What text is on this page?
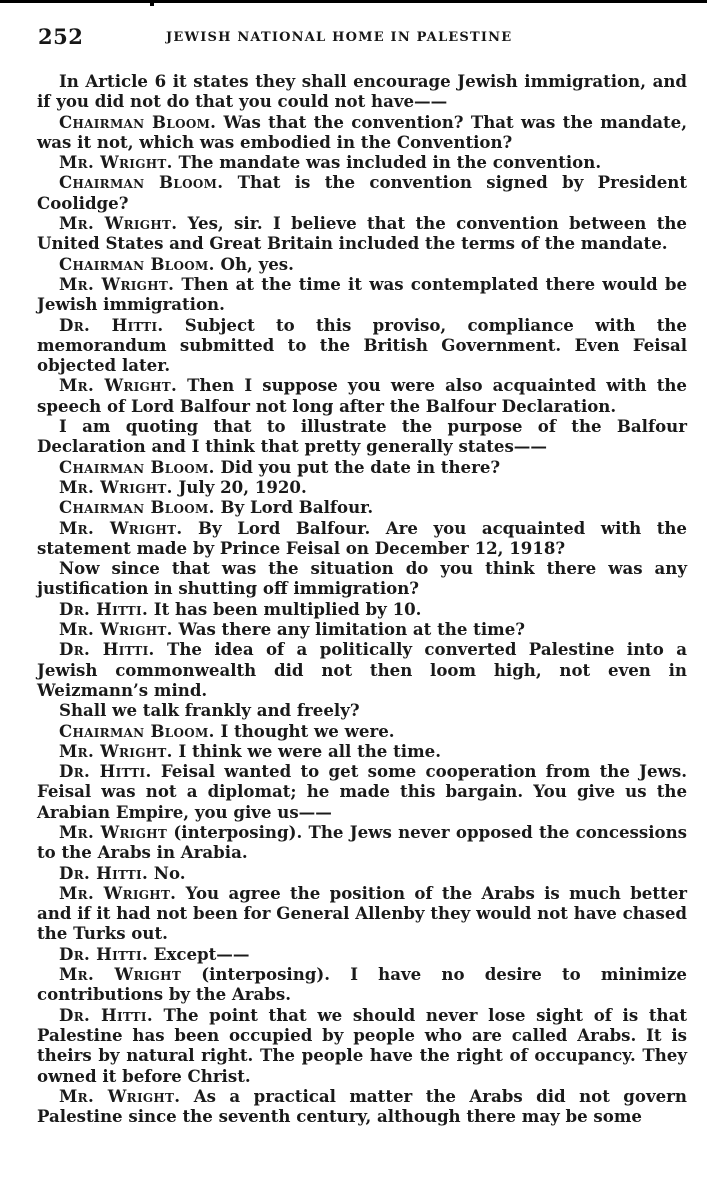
252	JEWISH NATIONAL HOME IN PALESTINE

In Article 6 it states they shall encourage Jewish immigration, and if you did not do that you could not have——

Chairman Bloom. Was that the convention? That was the mandate, was it not, which was embodied in the Convention?

Mr. Wright. The mandate was included in the convention.

Chairman Bloom. That is the convention signed by President Coolidge?

Mr. Wright. Yes, sir. I believe that the convention between the United States and Great Britain included the terms of the mandate.

Chairman Bloom. Oh, yes.

Mr. Wright. Then at the time it was contemplated there would be Jewish immigration.

Dr. Hitti. Subject to this proviso, compliance with the memorandum submitted to the British Government. Even Feisal objected later.

Mr. Wright. Then I suppose you were also acquainted with the speech of Lord Balfour not long after the Balfour Declaration.

I am quoting that to illustrate the purpose of the Balfour Declaration and I think that pretty generally states——

Chairman Bloom. Did you put the date in there?

Mr. Wright. July 20, 1920.

Chairman Bloom. By Lord Balfour.

Mr. Wright. By Lord Balfour. Are you acquainted with the statement made by Prince Feisal on December 12, 1918?

Now since that was the situation do you think there was any justification in shutting off immigration?

Dr. Hitti. It has been multiplied by 10.

Mr. Wright. Was there any limitation at the time?

Dr. Hitti. The idea of a politically converted Palestine into a Jewish commonwealth did not then loom high, not even in Weizmann’s mind.

Shall we talk frankly and freely?

Chairman Bloom. I thought we were.

Mr. Wright. I think we were all the time.

Dr. Hitti. Feisal wanted to get some cooperation from the Jews. Feisal was not a diplomat; he made this bargain. You give us the Arabian Empire, you give us——

Mr. Wright (interposing). The Jews never opposed the concessions to the Arabs in Arabia.

Dr. Hitti. No.

Mr. Wright. You agree the position of the Arabs is much better and if it had not been for General Allenby they would not have chased the Turks out.

Dr. Hitti. Except——

Mr. Wright (interposing). I have no desire to minimize contributions by the Arabs.

Dr. Hitti. The point that we should never lose sight of is that Palestine has been occupied by people who are called Arabs. It is theirs by natural right. The people have the right of occupancy. They owned it before Christ.

Mr. Wright. As a practical matter the Arabs did not govern Palestine since the seventh century, although there may be some
